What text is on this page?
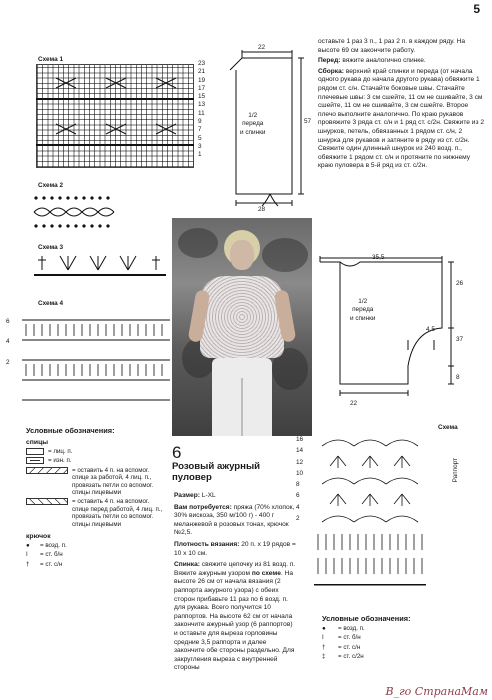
5
Схема 1
23
21
19
17
15
13
11
9
7
5
3
1
Схема 2
Схема 3
Схема 4
6
4
2
Условные обозначения:
спицы
= лиц. п.
= изн. п.
= оставить 4 п. на вспомог. спице за работой, 4 лиц. п., провязать петли со вспомог. спицы лицевыми
= оставить 4 п. на вспомог. спице перед работой, 4 лиц. п., провязать петли со вспомог. спицы лицевыми
крючок
●	= возд. п.
I	= ст. б/н
†	= ст. с/н
22
57
28
1/2
переда
и спинки
оставьте 1 раз 3 п., 1 раз 2 п. в каждом ряду. На высоте 69 см закончите работу.
Перед: вяжите аналогично спинке.
Сборка: верхний край спинки и переда (от начала одного рукава до начала другого рукава) обвяжите 1 рядом ст. с/н. Стачайте боковые швы. Стачайте плечевые швы: 3 см сшейте, 11 см не сшивайте, 3 см сшейте, 11 см не сшивайте, 3 см сшейте. Второе плечо выполните аналогично. По краю рукавов провяжите 3 ряда ст. с/н и 1 ряд ст. с/2н. Свяжите из 2 шнурков, петель, обвязанных 1 рядом ст. с/н, 2 шнурка для рукавов и затяните в ряду из ст. с/2н. Свяжите один длинный шнурок из 240 возд. п., обвяжите 1 рядом ст. с/н и протяните по нижнему краю пуловера в 5-й ряд из ст. с/2н.
35,5
26
4,5
37
8
22
1/2
переда
и спинки
6
Розовый ажурный пуловер
Размер: L-XL
Вам потребуется: пряжа (70% хлопок, 30% вискоза, 350 м/100 г) - 400 г меланжевой в розовых тонах, крючок №2,5.
Плотность вязания: 20 п. х 19 рядов = 10 х 10 см.
Спинка: свяжите цепочку из 81 возд. п. Вяжите ажурным узором по схеме. На высоте 26 см от начала вязания (2 раппорта ажурного узора) с обеих сторон прибавьте 11 раз по 6 возд. п. для рукава. Всего получится 10 раппортов. На высоте 62 см от начала закончите ажурный узор (6 раппортов) и оставьте для выреза горловины средние 3,5 раппорта и далее закончите обе стороны раздельно. Для закругления выреза с внутренней стороны
Схема
16
14
12
10
8
6
4
2
Раппорт
Условные обозначения:
●	= возд. п.
I	= ст. б/н
†	= ст. с/н
‡	= ст. с/2н
В_го СтранаМам
